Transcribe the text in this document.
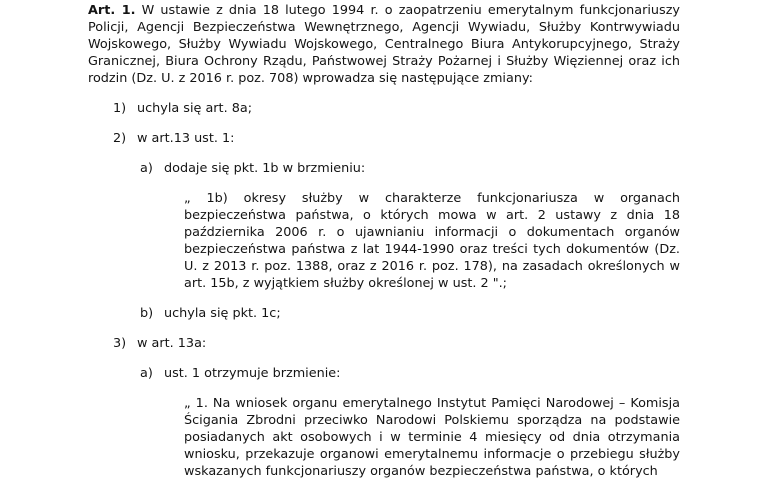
Art. 1. W ustawie z dnia 18 lutego 1994 r. o zaopatrzeniu emerytalnym funkcjonariuszy Policji, Agencji Bezpieczeństwa Wewnętrznego, Agencji Wywiadu, Służby Kontrwywiadu Wojskowego, Służby Wywiadu Wojskowego, Centralnego Biura Antykorupcyjnego, Straży Granicznej, Biura Ochrony Rządu, Państwowej Straży Pożarnej i Służby Więziennej oraz ich rodzin (Dz. U. z 2016 r. poz. 708) wprowadza się następujące zmiany:

1) uchyla się art. 8a;
2) w art.13 ust. 1:
a) dodaje się pkt. 1b w brzmieniu:
„ 1b) okresy służby w charakterze funkcjonariusza w organach bezpieczeństwa państwa, o których mowa w art. 2 ustawy z dnia 18 października 2006 r. o ujawnianiu informacji o dokumentach organów bezpieczeństwa państwa z lat 1944-1990 oraz treści tych dokumentów (Dz. U. z 2013 r. poz. 1388, oraz z 2016 r. poz. 178), na zasadach określonych w art. 15b, z wyjątkiem służby określonej w ust. 2 ".;
b) uchyla się pkt. 1c;
3) w art. 13a:
a) ust. 1 otrzymuje brzmienie:
„ 1. Na wniosek organu emerytalnego Instytut Pamięci Narodowej – Komisja Ścigania Zbrodni przeciwko Narodowi Polskiemu sporządza na podstawie posiadanych akt osobowych i w terminie 4 miesięcy od dnia otrzymania wniosku, przekazuje organowi emerytalnemu informacje o przebiegu służby wskazanych funkcjonariuszy organów bezpieczeństwa państwa, o których
